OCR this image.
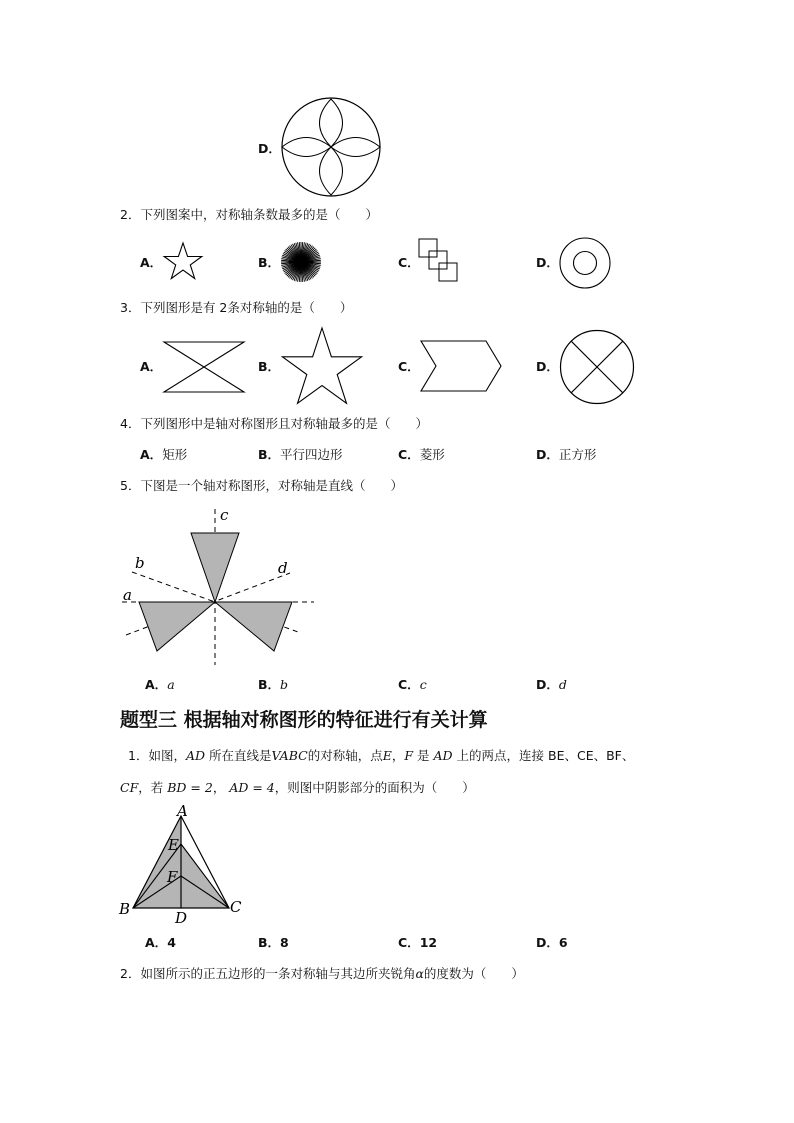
D．
2．下列图案中，对称轴条数最多的是（　　）
A．	B．	C．	D．
3．下列图形是有 2条对称轴的是（　　）
A．	B．	C．	D．
4．下列图形中是轴对称图形且对称轴最多的是（　　）
A．矩形	B．平行四边形	C．菱形	D．正方形
5．下图是一个轴对称图形，对称轴是直线（　　）
c
b	d
a
A．a	B．b	C．c	D．d
题型三 根据轴对称图形的特征进行有关计算
1．如图，AD 所在直线是VABC的对称轴，点E，F 是 AD 上的两点，连接 BE、CE、BF、
CF，若 BD = 2， AD = 4，则图中阴影部分的面积为（　　）
A
E
F
B	D
C
A．4	B．8	C．12	D．6
2．如图所示的正五边形的一条对称轴与其边所夹锐角α的度数为（　　）
